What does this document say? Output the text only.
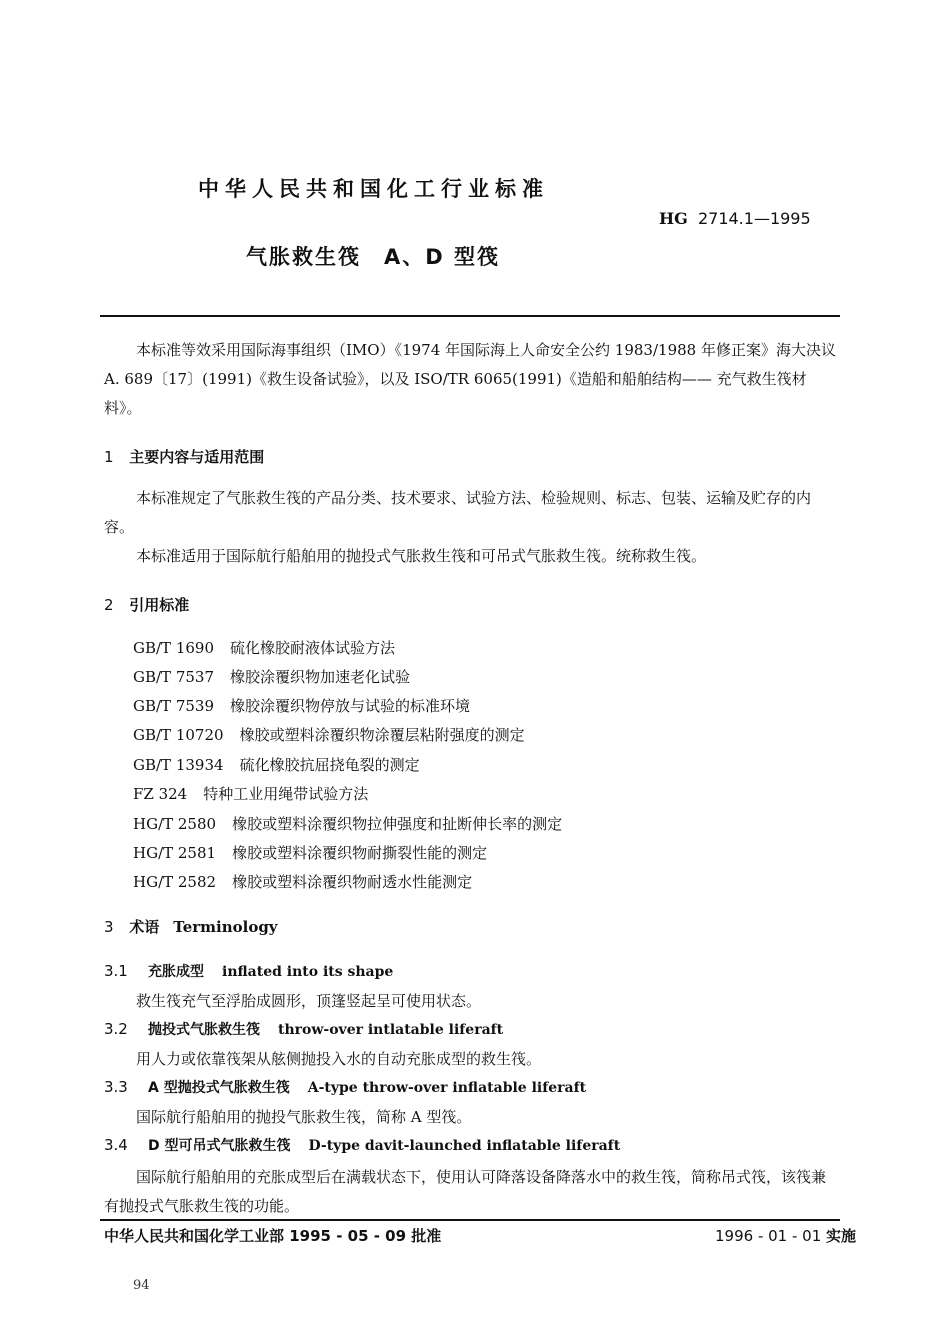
中华人民共和国化工行业标准
HG 2714.1—1995
气胀救生筏　A、D 型筏
本标准等效采用国际海事组织（IMO）《1974 年国际海上人命安全公约 1983/1988 年修正案》海大决议 A. 689〔17〕(1991)《救生设备试验》，以及 ISO/TR 6065(1991)《造船和船舶结构—— 充气救生筏材料》。
1 主要内容与适用范围
本标准规定了气胀救生筏的产品分类、技术要求、试验方法、检验规则、标志、包装、运输及贮存的内容。
本标准适用于国际航行船舶用的抛投式气胀救生筏和可吊式气胀救生筏。统称救生筏。
2 引用标准
GB/T 1690 硫化橡胶耐液体试验方法
GB/T 7537 橡胶涂覆织物加速老化试验
GB/T 7539 橡胶涂覆织物停放与试验的标准环境
GB/T 10720 橡胶或塑料涂覆织物涂覆层粘附强度的测定
GB/T 13934 硫化橡胶抗屈挠龟裂的测定
FZ 324 特种工业用绳带试验方法
HG/T 2580 橡胶或塑料涂覆织物拉伸强度和扯断伸长率的测定
HG/T 2581 橡胶或塑料涂覆织物耐撕裂性能的测定
HG/T 2582 橡胶或塑料涂覆织物耐透水性能测定
3 术语 Terminology
3.1 充胀成型 inflated into its shape
救生筏充气至浮胎成圆形，顶篷竖起呈可使用状态。
3.2 抛投式气胀救生筏 throw-over intlatable liferaft
用人力或依靠筏架从舷侧抛投入水的自动充胀成型的救生筏。
3.3 A 型抛投式气胀救生筏 A-type throw-over inflatable liferaft
国际航行船舶用的抛投气胀救生筏，简称 A 型筏。
3.4 D 型可吊式气胀救生筏 D-type davit-launched inflatable liferaft
国际航行船舶用的充胀成型后在满载状态下，使用认可降落设备降落水中的救生筏，简称吊式筏，该筏兼有抛投式气胀救生筏的功能。
中华人民共和国化学工业部 1995 - 05 - 09 批准	1996 - 01 - 01 实施
94
